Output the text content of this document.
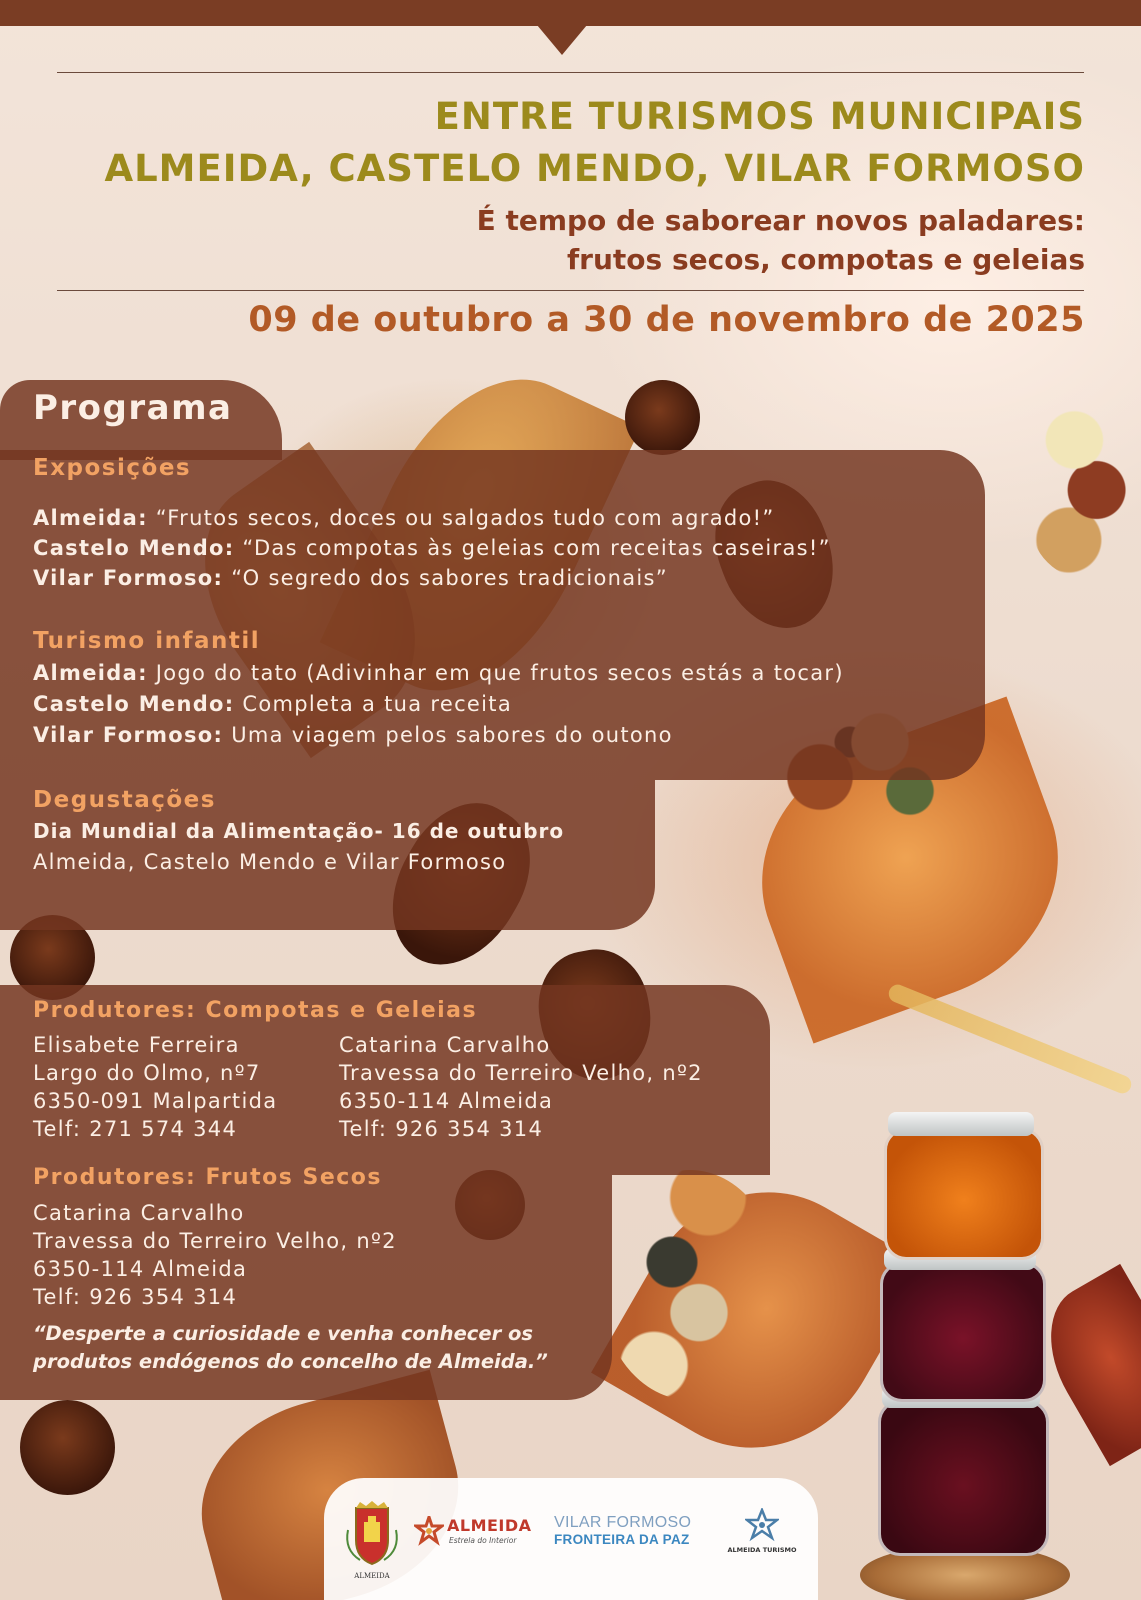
ENTRE TURISMOS MUNICIPAIS
ALMEIDA, CASTELO MENDO, VILAR FORMOSO
É tempo de saborear novos paladares:
frutos secos, compotas e geleias
09 de outubro a 30 de novembro de 2025
Programa
Exposições
Almeida: “Frutos secos, doces ou salgados tudo com agrado!”
Castelo Mendo: “Das compotas às geleias com receitas caseiras!”
Vilar Formoso: “O segredo dos sabores tradicionais”
Turismo infantil
Almeida: Jogo do tato (Adivinhar em que frutos secos estás a tocar)
Castelo Mendo: Completa a tua receita
Vilar Formoso: Uma viagem pelos sabores do outono
Degustações
Dia Mundial da Alimentação- 16 de outubro
Almeida, Castelo Mendo e Vilar Formoso
Produtores: Compotas e Geleias
Elisabete Ferreira
Largo do Olmo, nº7
6350-091 Malpartida
Telf: 271 574 344
Catarina Carvalho
Travessa do Terreiro Velho, nº2
6350-114 Almeida
Telf: 926 354 314
Produtores: Frutos Secos
Catarina Carvalho
Travessa do Terreiro Velho, nº2
6350-114 Almeida
Telf: 926 354 314
“Desperte a curiosidade e venha conhecer os
produtos endógenos do concelho de Almeida.”
ALMEIDA
ALMEIDA
Estrela do Interior
VILAR FORMOSO
FRONTEIRA DA PAZ
ALMEIDA TURISMO
